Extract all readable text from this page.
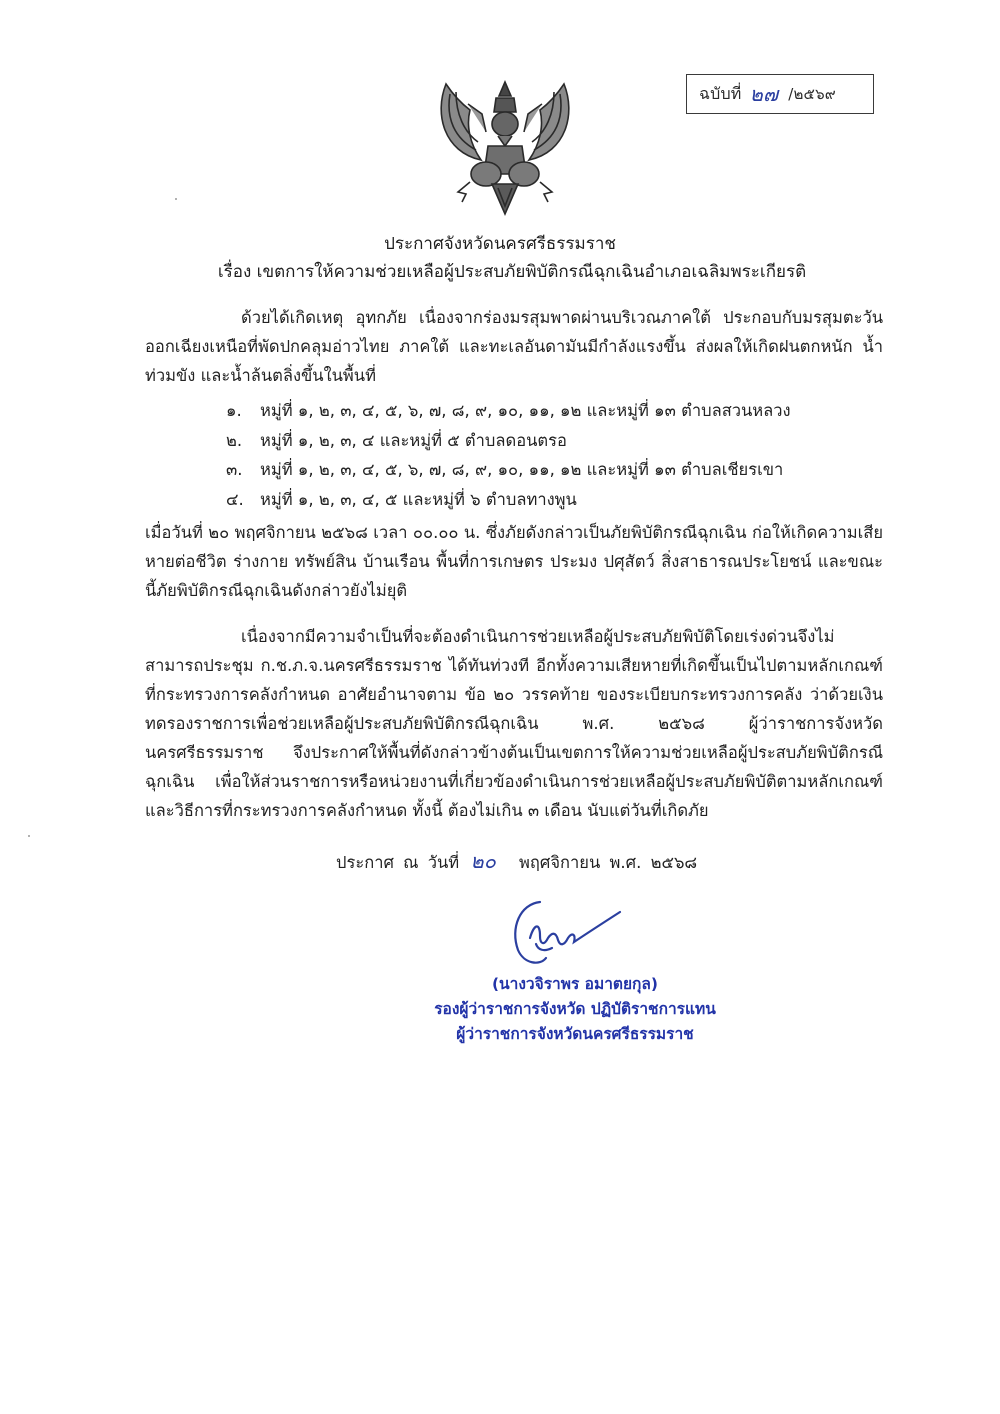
ฉบับที่ ๒๗ /๒๕๖๙
ประกาศจังหวัดนครศรีธรรมราช
เรื่อง เขตการให้ความช่วยเหลือผู้ประสบภัยพิบัติกรณีฉุกเฉินอำเภอเฉลิมพระเกียรติ
ด้วยได้เกิดเหตุ อุทกภัย เนื่องจากร่องมรสุมพาดผ่านบริเวณภาคใต้ ประกอบกับมรสุมตะวันออกเฉียงเหนือที่พัดปกคลุมอ่าวไทย ภาคใต้ และทะเลอันดามันมีกำลังแรงขึ้น ส่งผลให้เกิดฝนตกหนัก น้ำท่วมขัง และน้ำล้นตลิ่งขึ้นในพื้นที่
๑. หมู่ที่ ๑, ๒, ๓, ๔, ๕, ๖, ๗, ๘, ๙, ๑๐, ๑๑, ๑๒ และหมู่ที่ ๑๓ ตำบลสวนหลวง
๒. หมู่ที่ ๑, ๒, ๓, ๔ และหมู่ที่ ๕ ตำบลดอนตรอ
๓. หมู่ที่ ๑, ๒, ๓, ๔, ๕, ๖, ๗, ๘, ๙, ๑๐, ๑๑, ๑๒ และหมู่ที่ ๑๓ ตำบลเชียรเขา
๔. หมู่ที่ ๑, ๒, ๓, ๔, ๕ และหมู่ที่ ๖ ตำบลทางพูน
เมื่อวันที่ ๒๐ พฤศจิกายน ๒๕๖๘ เวลา ๐๐.๐๐ น. ซึ่งภัยดังกล่าวเป็นภัยพิบัติกรณีฉุกเฉิน ก่อให้เกิดความเสียหายต่อชีวิต ร่างกาย ทรัพย์สิน บ้านเรือน พื้นที่การเกษตร ประมง ปศุสัตว์ สิ่งสาธารณประโยชน์ และขณะนี้ภัยพิบัติกรณีฉุกเฉินดังกล่าวยังไม่ยุติ
เนื่องจากมีความจำเป็นที่จะต้องดำเนินการช่วยเหลือผู้ประสบภัยพิบัติโดยเร่งด่วนจึงไม่สามารถประชุม ก.ช.ภ.จ.นครศรีธรรมราช ได้ทันท่วงที อีกทั้งความเสียหายที่เกิดขึ้นเป็นไปตามหลักเกณฑ์ที่กระทรวงการคลังกำหนด อาศัยอำนาจตาม ข้อ ๒๐ วรรคท้าย ของระเบียบกระทรวงการคลัง ว่าด้วยเงินทดรองราชการเพื่อช่วยเหลือผู้ประสบภัยพิบัติกรณีฉุกเฉิน พ.ศ. ๒๕๖๘ ผู้ว่าราชการจังหวัดนครศรีธรรมราช จึงประกาศให้พื้นที่ดังกล่าวข้างต้นเป็นเขตการให้ความช่วยเหลือผู้ประสบภัยพิบัติกรณีฉุกเฉิน เพื่อให้ส่วนราชการหรือหน่วยงานที่เกี่ยวข้องดำเนินการช่วยเหลือผู้ประสบภัยพิบัติตามหลักเกณฑ์และวิธีการที่กระทรวงการคลังกำหนด ทั้งนี้ ต้องไม่เกิน ๓ เดือน นับแต่วันที่เกิดภัย
ประกาศ ณ วันที่ ๒๐ พฤศจิกายน พ.ศ. ๒๕๖๘
(นางวจิราพร อมาตยกุล)
รองผู้ว่าราชการจังหวัด ปฏิบัติราชการแทน
ผู้ว่าราชการจังหวัดนครศรีธรรมราช
